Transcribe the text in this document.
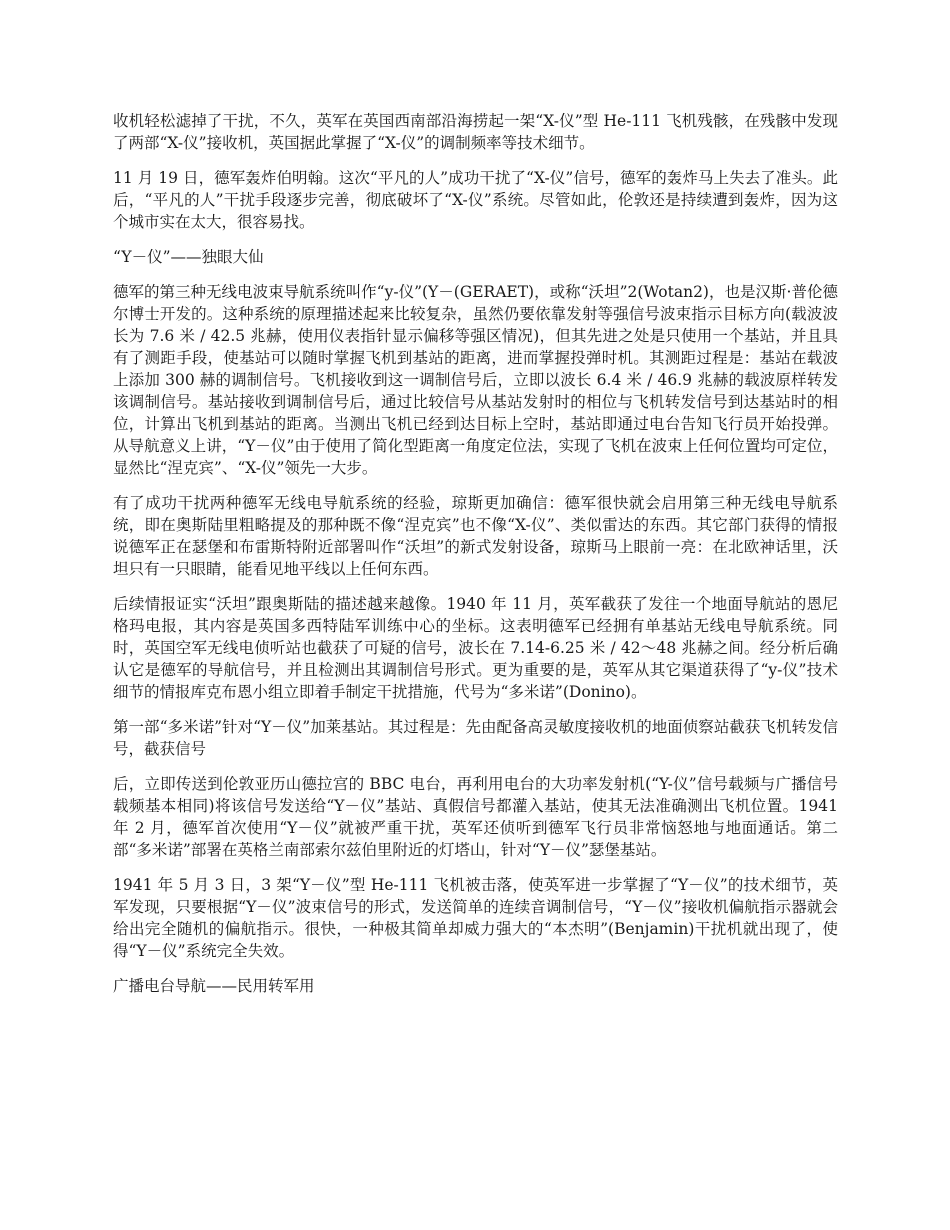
收机轻松滤掉了干扰，不久，英军在英国西南部沿海捞起一架“X-仪”型 He-111 飞机残骸，在残骸中发现了两部“X-仪”接收机，英国据此掌握了“X-仪”的调制频率等技术细节。

11 月 19 日，德军轰炸伯明翰。这次“平凡的人”成功干扰了“X-仪”信号，德军的轰炸马上失去了准头。此后，“平凡的人”干扰手段逐步完善，彻底破坏了“X-仪”系统。尽管如此，伦敦还是持续遭到轰炸，因为这个城市实在太大，很容易找。

“Y－仪”——独眼大仙

德军的第三种无线电波束导航系统叫作“y-仪”(Y－(GERAET)，或称“沃坦”2(Wotan2)，也是汉斯·普伦德尔博士开发的。这种系统的原理描述起来比较复杂，虽然仍要依靠发射等强信号波束指示目标方向(载波波长为 7.6 米 / 42.5 兆赫，使用仪表指针显示偏移等强区情况)，但其先进之处是只使用一个基站，并且具有了测距手段，使基站可以随时掌握飞机到基站的距离，进而掌握投弹时机。其测距过程是：基站在载波上添加 300 赫的调制信号。飞机接收到这一调制信号后，立即以波长 6.4 米 / 46.9 兆赫的载波原样转发该调制信号。基站接收到调制信号后，通过比较信号从基站发射时的相位与飞机转发信号到达基站时的相位，计算出飞机到基站的距离。当测出飞机已经到达目标上空时，基站即通过电台告知飞行员开始投弹。从导航意义上讲，“Y－仪”由于使用了简化型距离一角度定位法，实现了飞机在波束上任何位置均可定位，显然比“涅克宾”、“X-仪”领先一大步。

有了成功干扰两种德军无线电导航系统的经验，琼斯更加确信：德军很快就会启用第三种无线电导航系统，即在奥斯陆里粗略提及的那种既不像“涅克宾”也不像“X-仪”、类似雷达的东西。其它部门获得的情报说德军正在瑟堡和布雷斯特附近部署叫作“沃坦”的新式发射设备，琼斯马上眼前一亮：在北欧神话里，沃坦只有一只眼睛，能看见地平线以上任何东西。

后续情报证实“沃坦”跟奥斯陆的描述越来越像。1940 年 11 月，英军截获了发往一个地面导航站的恩尼格玛电报，其内容是英国多西特陆军训练中心的坐标。这表明德军已经拥有单基站无线电导航系统。同时，英国空军无线电侦听站也截获了可疑的信号，波长在 7.14-6.25 米 / 42～48 兆赫之间。经分析后确认它是德军的导航信号，并且检测出其调制信号形式。更为重要的是，英军从其它渠道获得了“y-仪”技术细节的情报库克布恩小组立即着手制定干扰措施，代号为“多米诺”(Donino)。

第一部“多米诺”针对“Y－仪”加莱基站。其过程是：先由配备高灵敏度接收机的地面侦察站截获飞机转发信号，截获信号

后，立即传送到伦敦亚历山德拉宫的 BBC 电台，再利用电台的大功率发射机(“Y-仪”信号载频与广播信号载频基本相同)将该信号发送给“Y－仪”基站、真假信号都灌入基站，使其无法准确测出飞机位置。1941 年 2 月，德军首次使用“Y－仪”就被严重干扰，英军还侦听到德军飞行员非常恼怒地与地面通话。第二部“多米诺”部署在英格兰南部索尔兹伯里附近的灯塔山，针对“Y－仪”瑟堡基站。

1941 年 5 月 3 日，3 架“Y－仪”型 He-111 飞机被击落，使英军进一步掌握了“Y－仪”的技术细节，英军发现，只要根据“Y－仪”波束信号的形式，发送简单的连续音调制信号，“Y－仪”接收机偏航指示器就会给出完全随机的偏航指示。很快，一种极其简单却威力强大的“本杰明”(Benjamin)干扰机就出现了，使得“Y－仪”系统完全失效。

广播电台导航——民用转军用
